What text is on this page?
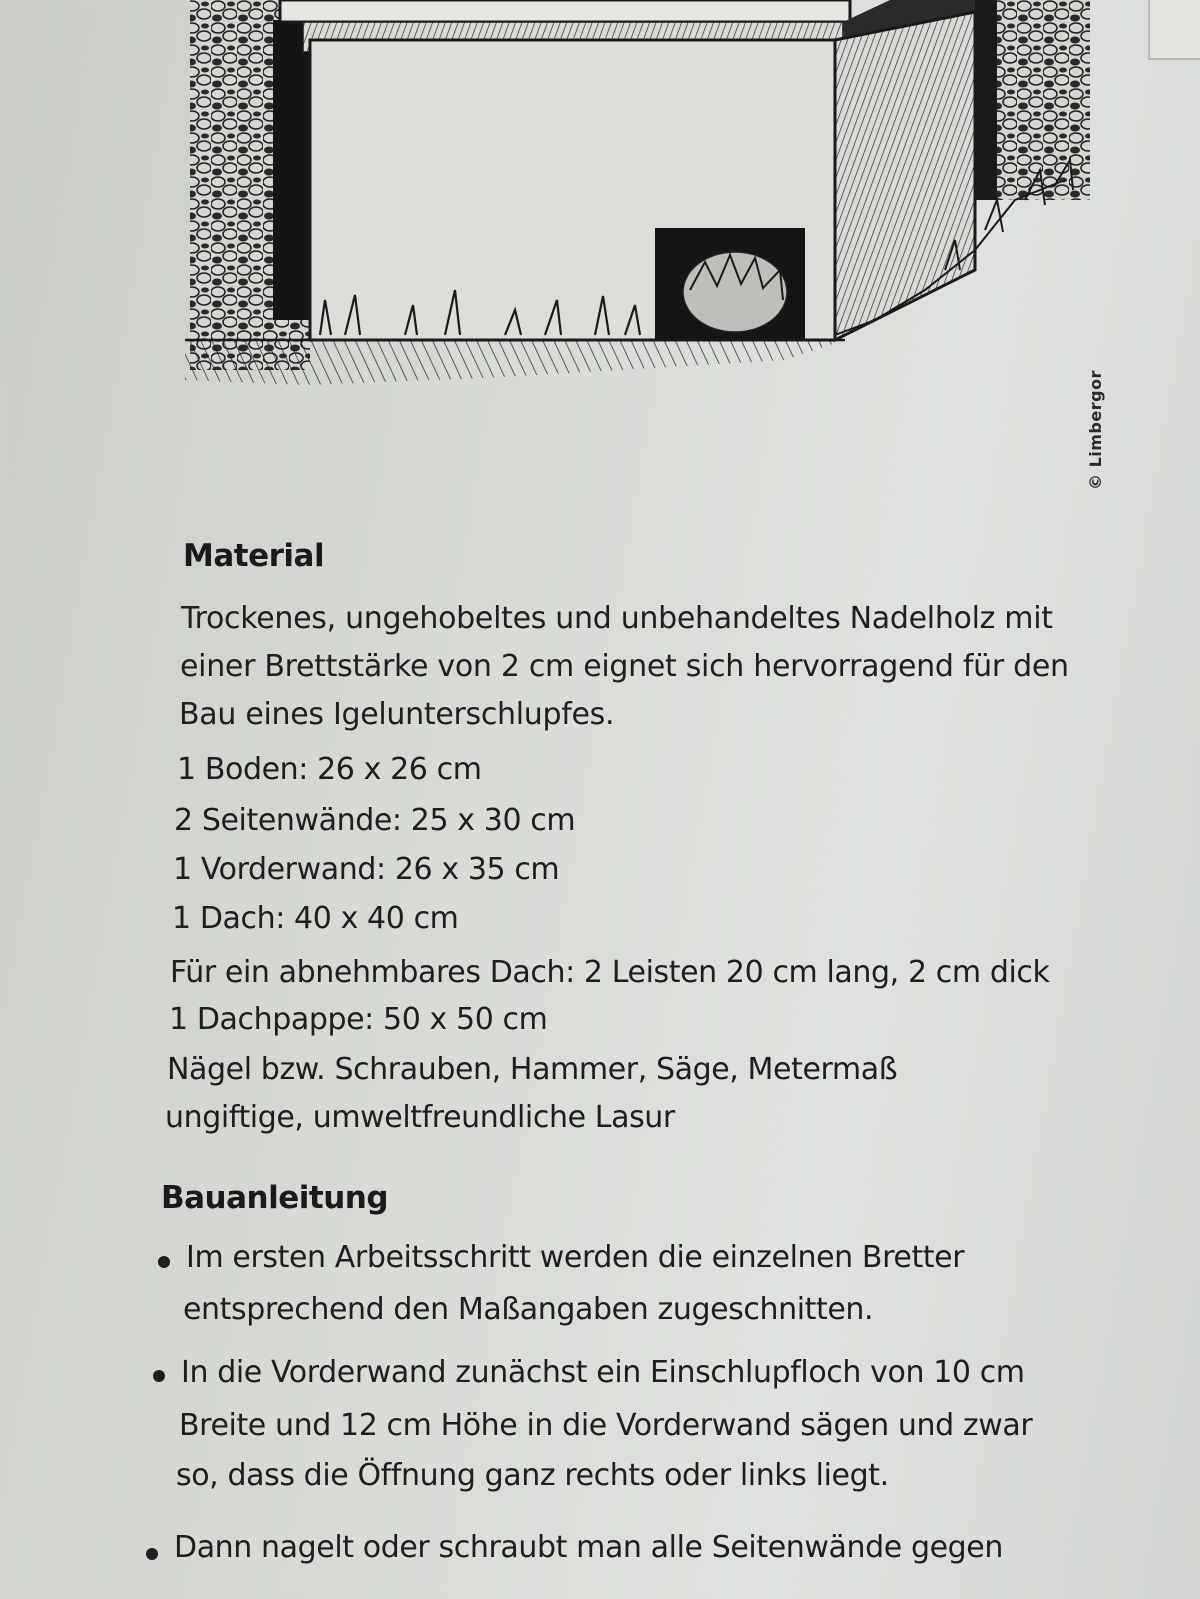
© Limbergor
Material
Trockenes, ungehobeltes und unbehandeltes Nadelholz mit
einer Brettstärke von 2 cm eignet sich hervorragend für den
Bau eines Igelunterschlupfes.
1 Boden: 26 x 26 cm
2 Seitenwände: 25 x 30 cm
1 Vorderwand: 26 x 35 cm
1 Dach: 40 x 40 cm
Für ein abnehmbares Dach: 2 Leisten 20 cm lang, 2 cm dick
1 Dachpappe: 50 x 50 cm
Nägel bzw. Schrauben, Hammer, Säge, Metermaß
ungiftige, umweltfreundliche Lasur
Bauanleitung
Im ersten Arbeitsschritt werden die einzelnen Bretter
entsprechend den Maßangaben zugeschnitten.
In die Vorderwand zunächst ein Einschlupfloch von 10 cm
Breite und 12 cm Höhe in die Vorderwand sägen und zwar
so, dass die Öffnung ganz rechts oder links liegt.
Dann nagelt oder schraubt man alle Seitenwände gegen
